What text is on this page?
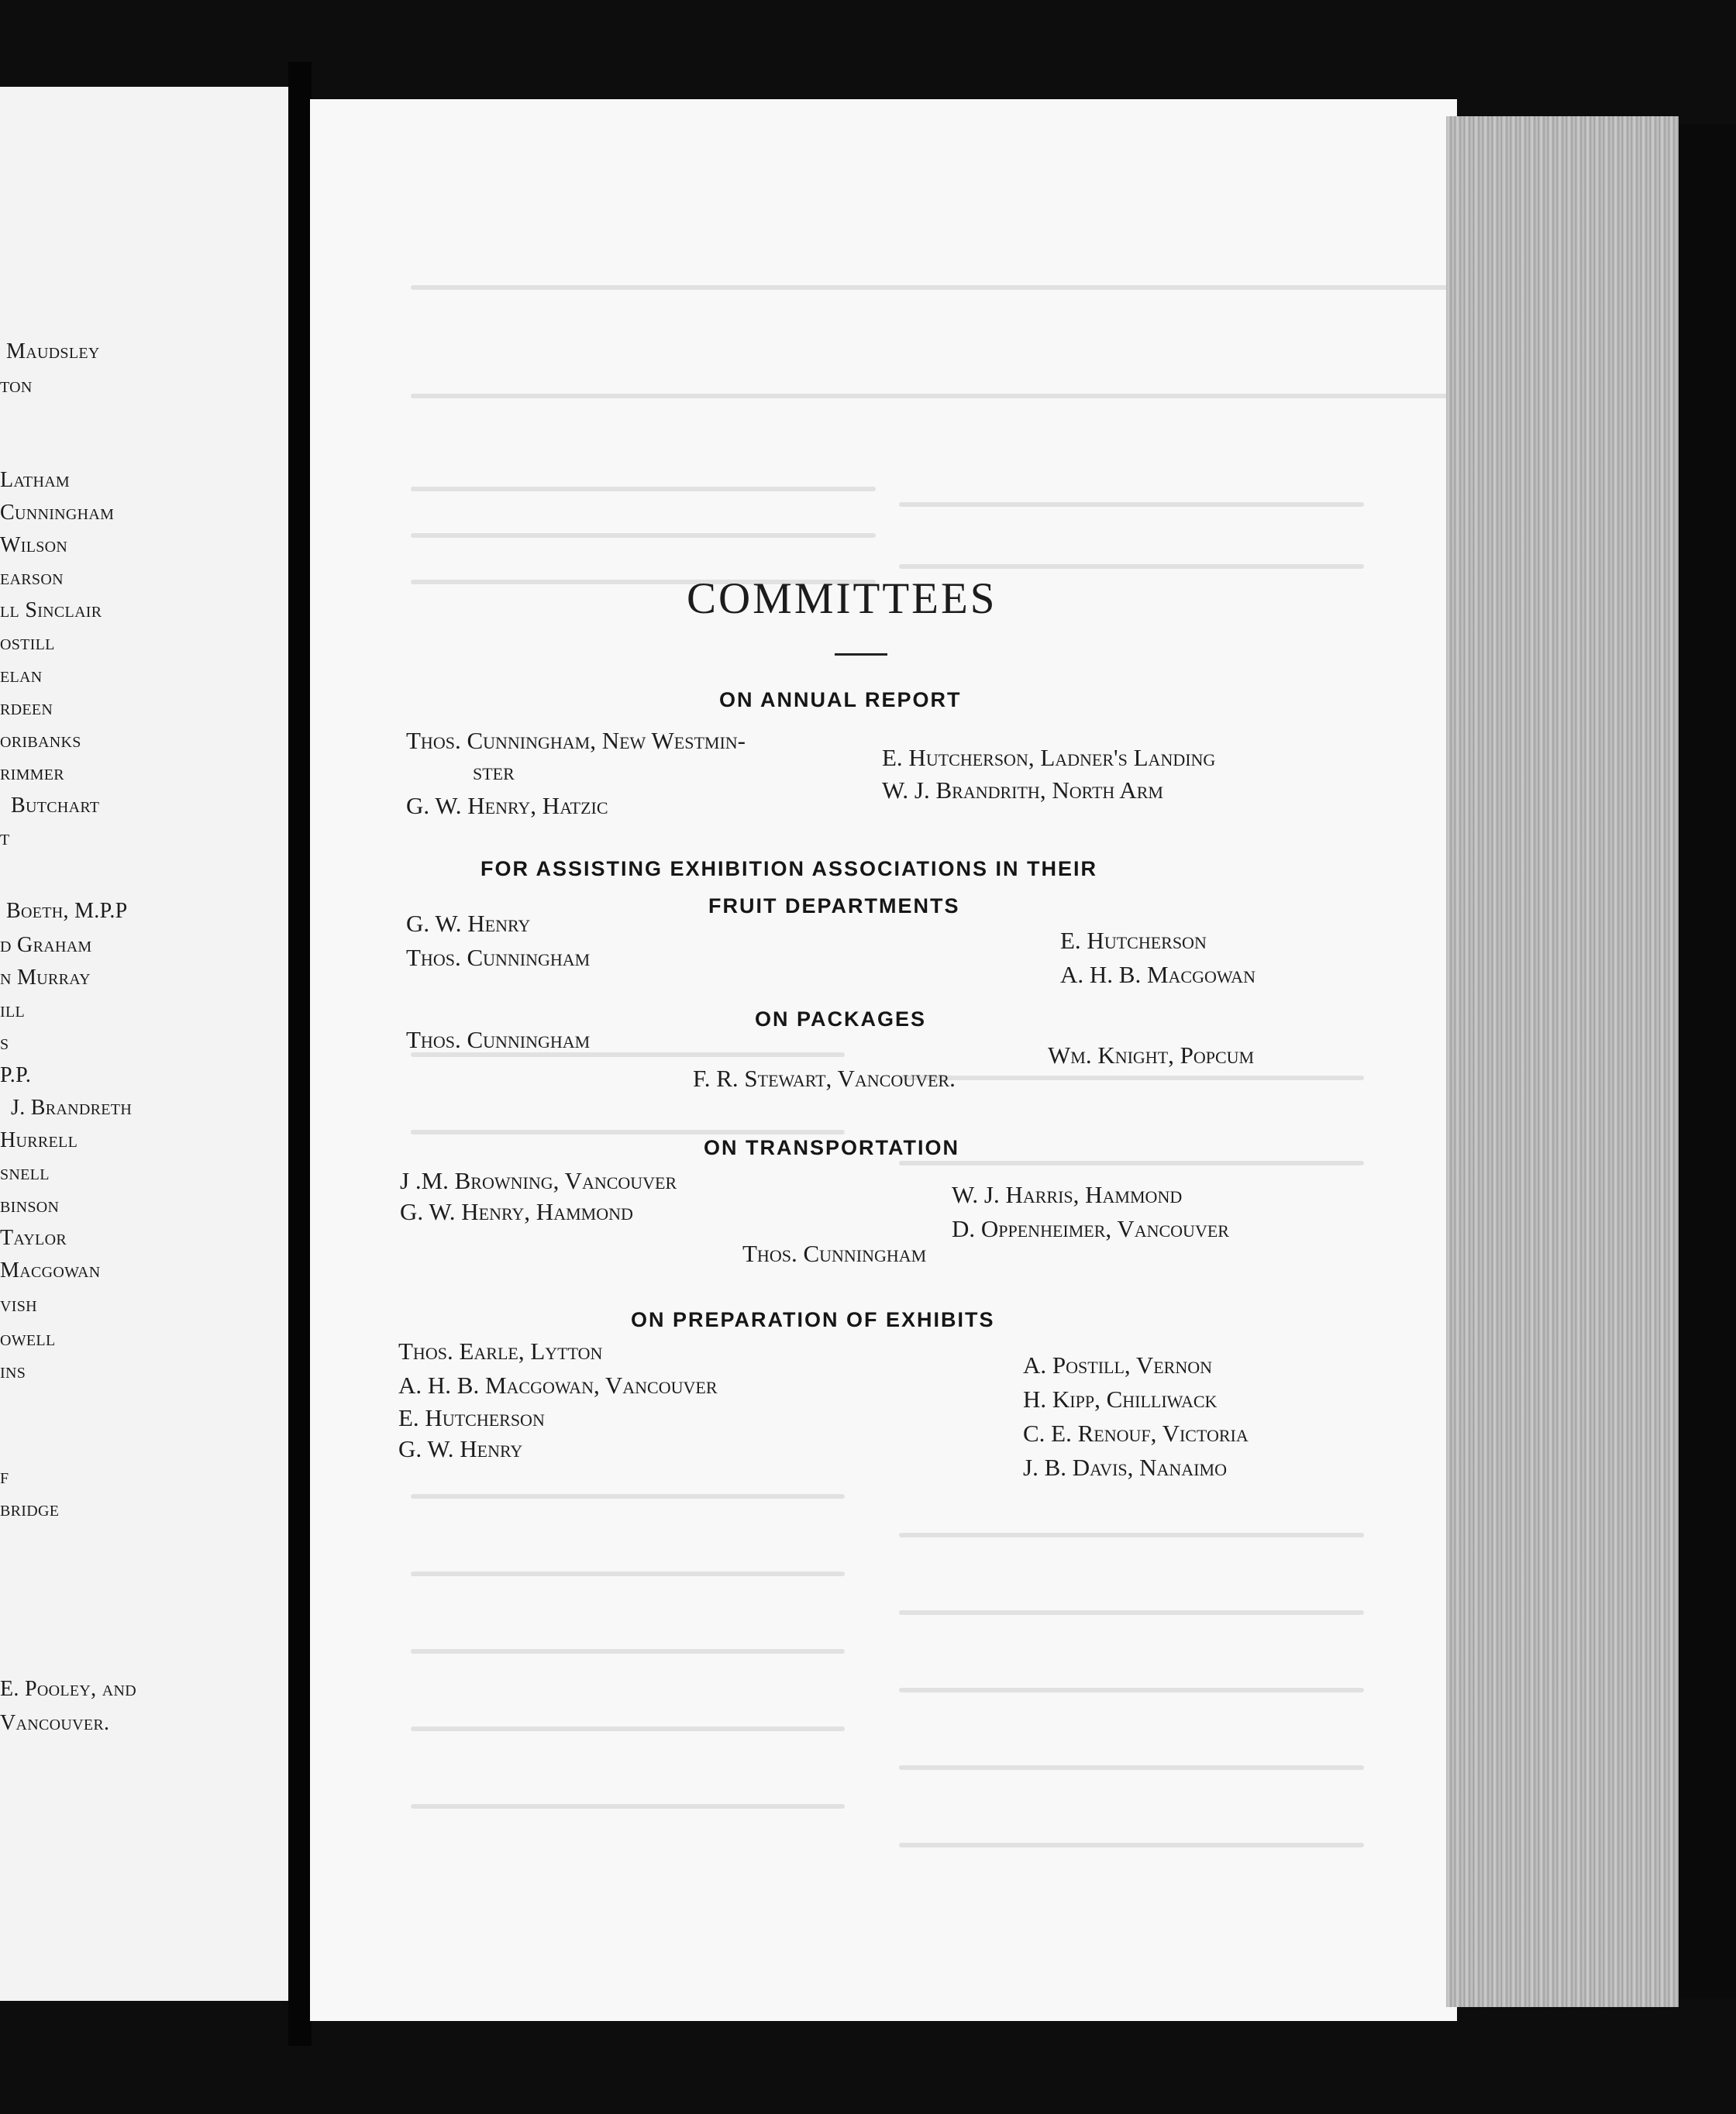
Maudsley
ton
Latham
Cunningham
Wilson
earson
ll Sinclair
ostill
elan
rdeen
oribanks
rimmer
Butchart
t
Boeth, M.P.P
d Graham
n Murray
ill
s
P.P.
J. Brandreth
Hurrell
snell
binson
Taylor
Macgowan
vish
owell
ins
f
bridge
E. Pooley, and
Vancouver.
COMMITTEES
ON ANNUAL REPORT
Thos. Cunningham, New Westmin-
ster
G. W. Henry, Hatzic
E. Hutcherson, Ladner's Landing
W. J. Brandrith, North Arm
FOR ASSISTING EXHIBITION ASSOCIATIONS IN THEIR
FRUIT DEPARTMENTS
G. W. Henry
Thos. Cunningham
E. Hutcherson
A. H. B. Macgowan
ON PACKAGES
Thos. Cunningham
Wm. Knight, Popcum
F. R. Stewart, Vancouver.
ON TRANSPORTATION
J .M. Browning, Vancouver
G. W. Henry, Hammond
W. J. Harris, Hammond
D. Oppenheimer, Vancouver
Thos. Cunningham
ON PREPARATION OF EXHIBITS
Thos. Earle, Lytton
A. H. B. Macgowan, Vancouver
E. Hutcherson
G. W. Henry
A. Postill, Vernon
H. Kipp, Chilliwack
C. E. Renouf, Victoria
J. B. Davis, Nanaimo
